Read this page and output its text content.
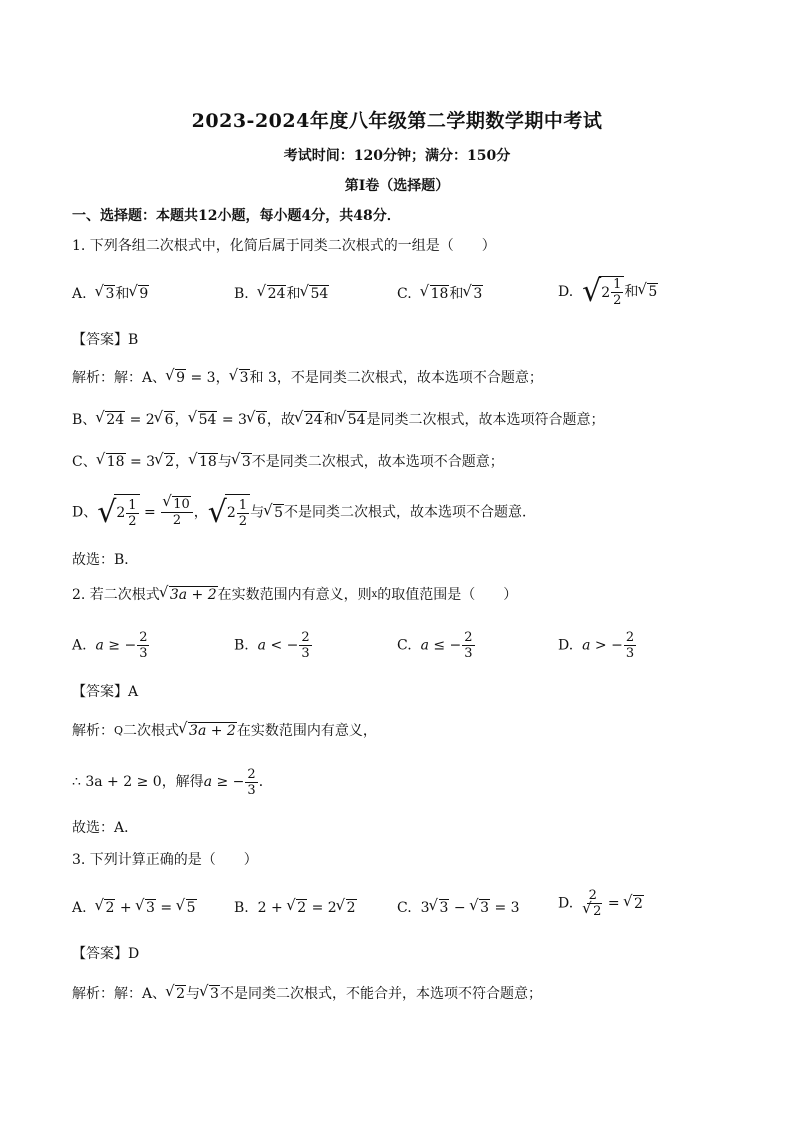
2023-2024年度八年级第二学期数学期中考试
考试时间：120分钟；满分：150分
第I卷（选择题）
一、选择题：本题共12小题，每小题4分，共48分．
1. 下列各组二次根式中，化简后属于同类二次根式的一组是（　　）
A. √ 3和 √ 9	B. √ 24和 √ 54	C. √ 18和 √ 3	D. √ $2 \frac{1}{2}$ 和 √ 5
【答案】B
解析：解：A、 √ 9 = 3， √ 3和 3，不是同类二次根式，故本选项不合题意；
B、 √ 24 = 2 √ 6， √ 54 = 3 √ 6，故 √ 24和 √ 54是同类二次根式，故本选项符合题意；
C、 √ 18 = 3 √ 2， √ 18与 √ 3不是同类二次根式，故本选项不合题意；
D、 √ $2 \frac{1}{2}$ = √ $\frac{10}{2}$ ， √ $2 \frac{1}{2}$ 与 √ 5不是同类二次根式，故本选项不合题意．
故选：B．
2. 若二次根式 √ 3a + 2在实数范围内有意义，则$^x$的取值范围是（　　）
A. a ≥ − $\frac{2}{3}$	B. a < − $\frac{2}{3}$	C. a ≤ − $\frac{2}{3}$	D. a > − $\frac{2}{3}$
【答案】A
解析：$^Q$二次根式 √ 3a + 2在实数范围内有意义，
∴ 3a + 2 ≥ 0，解得a ≥ − $\frac{2}{3}$ ．
故选：A．
3. 下列计算正确的是（　　）
A. √ 2 + √ 3 = √ 5	B. 2 + √ 2 = 2 √ 2	C. 3 √ 3 − √ 3 = 3	D. 2
√ 2 = √ 2
【答案】D
解析：解：A、 √ 2与 √ 3不是同类二次根式，不能合并，本选项不符合题意；
